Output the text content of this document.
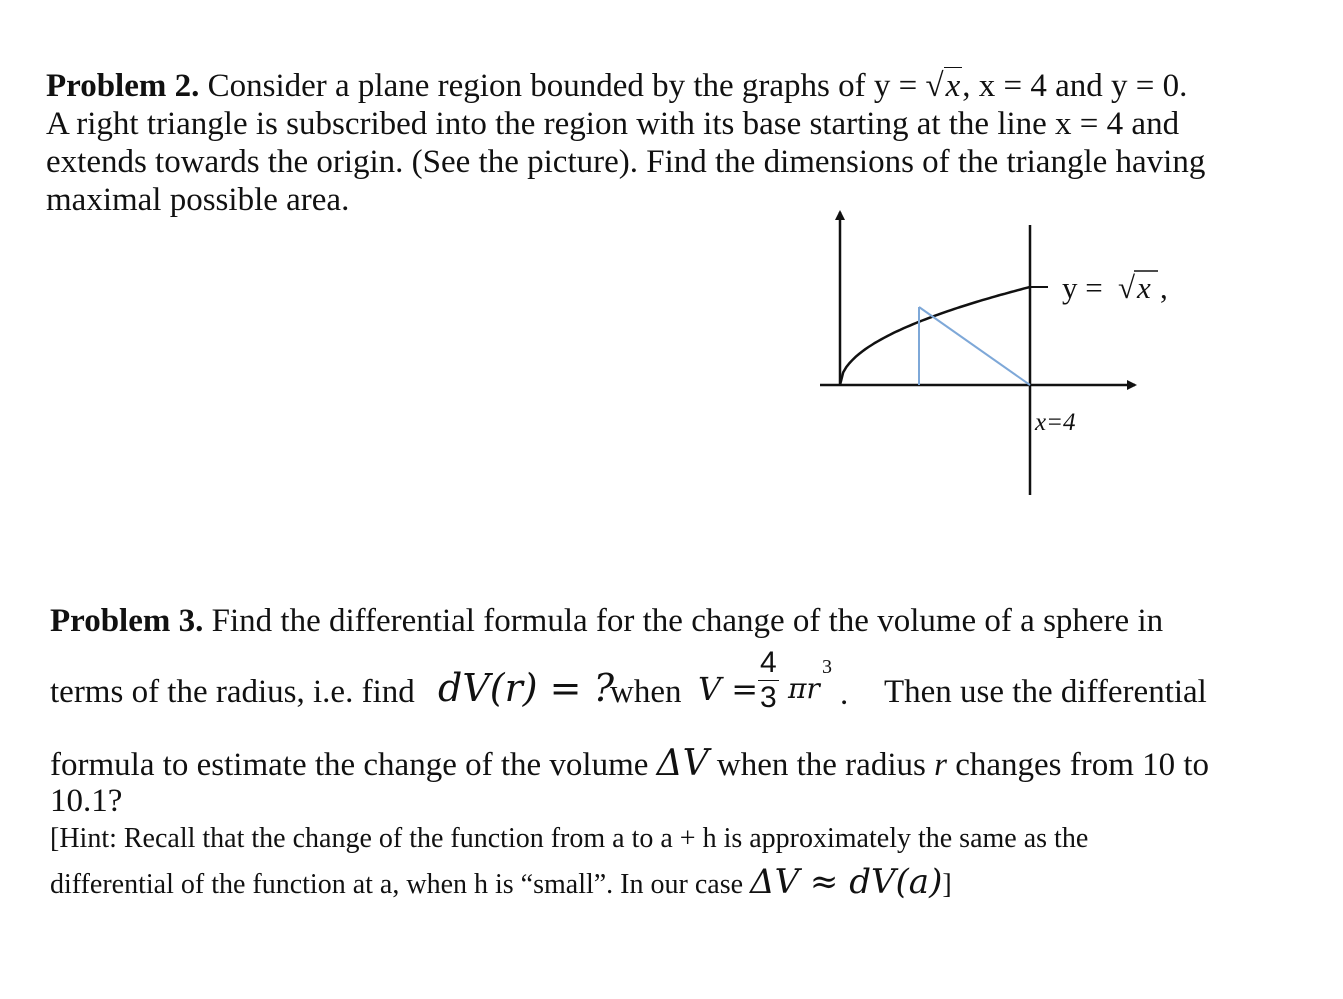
Problem 2. Consider a plane region bounded by the graphs of y = √x, x = 4 and y = 0.
A right triangle is subscribed into the region with its base starting at the line x = 4 and
extends towards the origin. (See the picture). Find the dimensions of the triangle having
maximal possible area.
y = √ x ,
x=4
Problem 3. Find the differential formula for the change of the volume of a sphere in
terms of the radius, i.e. find dV(r) = ?
when $V = \frac{4}{3}$ πr
3
. Then use the differential
formula to estimate the change of the volume ΔV when the radius r changes from 10 to
10.1?
[Hint: Recall that the change of the function from a to a + h is approximately the same as the
differential of the function at a, when h is “small”. In our case ΔV ≈ dV(a)]
